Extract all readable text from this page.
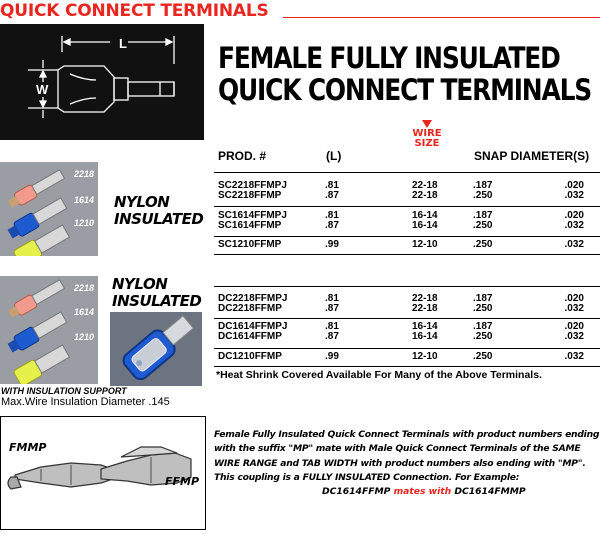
QUICK CONNECT TERMINALS
L
W
FEMALE FULLY INSULATED
QUICK CONNECT TERMINALS
PROD. #	(L)
WIRE
SIZE
SNAP DIAMETER(S)
SC2218FFMPJ	.81	22-18	.187	.020
SC2218FFMP	.87	22-18	.250	.032
SC1614FFMPJ	.81	16-14	.187	.020
SC1614FFMP	.87	16-14	.250	.032
SC1210FFMP	.99	12-10	.250	.032
DC2218FFMPJ	.81	22-18	.187	.020
DC2218FFMP	.87	22-18	.250	.032
DC1614FFMPJ	.81	16-14	.187	.020
DC1614FFMP	.87	16-14	.250	.032
DC1210FFMP	.99	12-10	.250	.032
2218
1614
1210
NYLON
INSULATED
2218
1614
1210
NYLON
INSULATED
WITH INSULATION SUPPORT
Max.Wire Insulation Diameter .145
*Heat Shrink Covered Available For Many of the Above Terminals.
FMMP
FFMP
Female Fully Insulated Quick Connect Terminals with product numbers ending with the suffix "MP" mate with Male Quick Connect Terminals of the SAME WIRE RANGE and TAB WIDTH with product numbers also ending with "MP". This coupling is a FULLY INSULATED Connection. For Example:
DC1614FFMP mates with DC1614FMMP
